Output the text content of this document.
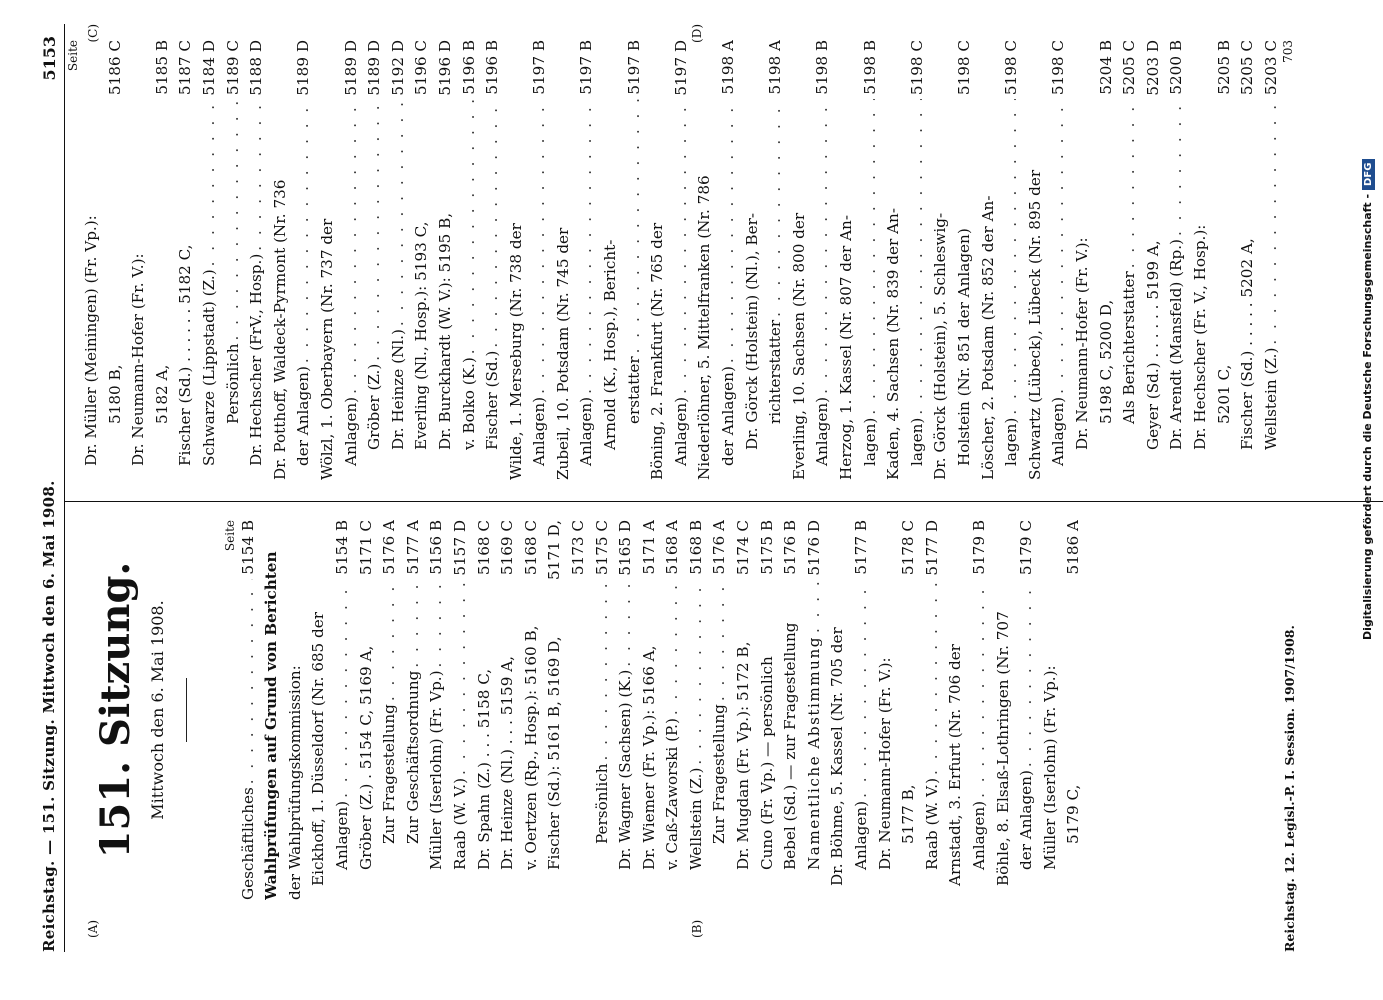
Reichstag. — 151. Sitzung. Mittwoch den 6. Mai 1908.
5153
(A)	(B)
(C)	(D)
151. Sitzung. Mittwoch den 6. Mai 1908.
Seite
Geschäftliches
. . .
5154 B
Wahlprüfungen auf Grund von Berichten der Wahlprüfungskommission: Eickhoff, 1. Düsseldorf (Nr. 685 der Anlagen)
. . .
5154 B
Gröber (Z.) . 5154 C, 5169 A,
5171 C
Zur Fragestellung
. . .
5176 A
Zur Geschäftsordnung
. . .
5177 A
Müller (Iserlohn) (Fr. Vp.)
. . .
5156 B
Raab (W. V.)
. . .
5157 D
Dr. Spahn (Z.) . . . 5158 C,
5168 C
Dr. Heinze (Nl.) . . . 5159 A,
5169 C
v. Oertzen (Rp., Hosp.): 5160 B,
5168 C
Fischer (Sd.): 5161 B, 5169 D,
5171 D, 5173 C
Persönlich
. . .
5175 C
Dr. Wagner (Sachsen) (K.)
. . .
5165 D
Dr. Wiemer (Fr. Vp.): 5166 A,
5171 A
v. Caß-Zaworski (P.)
. . .
5168 A
Wellstein (Z.)
. . .
5168 B
Zur Fragestellung
. . .
5176 A
Dr. Mugdan (Fr. Vp.): 5172 B,
5174 C
Cuno (Fr. Vp.) — persönlich
5175 B
Bebel (Sd.) — zur Fragestellung
5176 B
Namentliche Abstimmung
. . .
5176 D
Dr. Böhme, 5. Kassel (Nr. 705 der Anlagen)
. . .
5177 B
Dr. Neumann-Hofer (Fr. V.): 5177 B,
5178 C
Raab (W. V.)
. . .
5177 D
Arnstadt, 3. Erfurt (Nr. 706 der Anlagen)
. . .
5179 B
Böhle, 8. Elsaß-Lothringen (Nr. 707 der Anlagen)
. . .
5179 C
Müller (Iserlohn) (Fr. Vp.): 5179 C,
5186 A
Seite
Dr. Müller (Meiningen) (Fr. Vp.): 5180 B,
5186 C
Dr. Neumann-Hofer (Fr. V.): 5182 A,
5185 B
Fischer (Sd.) . . . . . . 5182 C,
5187 C
Schwarze (Lippstadt) (Z.)
. . .
5184 D
Persönlich
. . .
5189 C
Dr. Hechscher (FrV., Hosp.)
. . .
5188 D
Dr. Potthoff, Waldeck-Pyrmont (Nr. 736 der Anlagen)
. . .
5189 D
Wölzl, 1. Oberbayern (Nr. 737 der Anlagen)
. . .
5189 D
Gröber (Z.)
. . .
5189 D
Dr. Heinze (Nl.)
. . .
5192 D
Everling (Nl., Hosp.): 5193 C,
5196 C
Dr. Burckhardt (W. V.): 5195 B,
5196 D
v. Bolko (K.)
. . .
5196 B
Fischer (Sd.)
. . .
5196 B
Wilde, 1. Merseburg (Nr. 738 der Anlagen)
. . .
5197 B
Zubeil, 10. Potsdam (Nr. 745 der Anlagen)
. . .
5197 B
Arnold (K., Hosp.), Bericht- erstatter
. . .
5197 B
Böning, 2. Frankfurt (Nr. 765 der Anlagen)
. . .
5197 D
Niederlöhner, 5. Mittelfranken (Nr. 786 der Anlagen)
. . .
5198 A
Dr. Görck (Holstein) (Nl.), Ber- richterstatter
. . .
5198 A
Everling, 10. Sachsen (Nr. 800 der Anlagen)
. . .
5198 B
Herzog, 1. Kassel (Nr. 807 der An- lagen)
. . .
5198 B
Kaden, 4. Sachsen (Nr. 839 der An- lagen)
. . .
5198 C
Dr. Görck (Holstein), 5. Schleswig- Holstein (Nr. 851 der Anlagen)
5198 C
Löscher, 2. Potsdam (Nr. 852 der An- lagen)
. . .
5198 C
Schwartz (Lübeck), Lübeck (Nr. 895 der Anlagen)
. . .
5198 C
Dr. Neumann-Hofer (Fr. V.): 5198 C, 5200 D,
5204 B
Als Berichterstatter
. . .
5205 C
Geyer (Sd.) . . . . . . 5199 A,
5203 D
Dr. Arendt (Mansfeld) (Rp.)
. . .
5200 B
Dr. Hechscher (Fr. V., Hosp.): 5201 C,
5205 B
Fischer (Sd.) . . . . . 5202 A,
5205 C
Wellstein (Z.)
. . .
5203 C
Reichstag. 12. Legisl.-P. I. Session. 1907/1908.
703
Digitalisierung gefördert durch die Deutsche Forschungsgemeinschaft -DFG
